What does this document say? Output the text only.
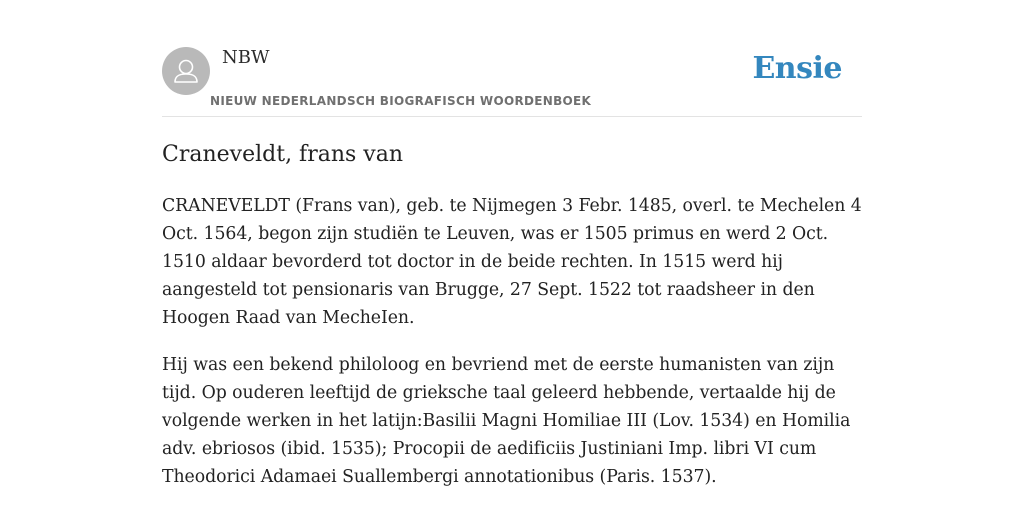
NBW
NIEUW NEDERLANDSCH BIOGRAFISCH WOORDENBOEK
Ensie
Craneveldt, frans van

CRANEVELDT (Frans van), geb. te Nijmegen 3 Febr. 1485, overl. te Mechelen 4 Oct. 1564, begon zijn studiën te Leuven, was er 1505 primus en werd 2 Oct. 1510 aldaar bevorderd tot doctor in de beide rechten. In 1515 werd hij aangesteld tot pensionaris van Brugge, 27 Sept. 1522 tot raadsheer in den Hoogen Raad van MecheIen.

Hij was een bekend philoloog en bevriend met de eerste humanisten van zijn tijd. Op ouderen leeftijd de grieksche taal geleerd hebbende, vertaalde hij de volgende werken in het latijn:Basilii Magni Homiliae III (Lov. 1534) en Homilia adv. ebriosos (ibid. 1535); Procopii de aedificiis Justiniani Imp. libri VI cum Theodorici Adamaei Suallembergi annotationibus (Paris. 1537).
